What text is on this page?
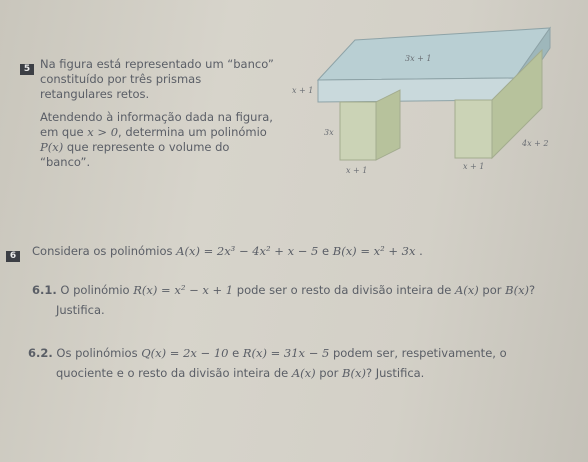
5 Na figura está representado um “banco”
constituído por três prismas
retangulares retos.
Atendendo à informação dada na figura,
em que x > 0, determina um polinómio
P(x) que represente o volume do
“banco”.
3x + 1
x + 1
3x
x + 1	x + 1
4x + 2
6	Considera os polinómios A(x) = 2x³ − 4x² + x − 5 e B(x) = x² + 3x .
6.1. O polinómio R(x) = x² − x + 1 pode ser o resto da divisão inteira de A(x) por B(x)?
Justifica.
6.2. Os polinómios Q(x) = 2x − 10 e R(x) = 31x − 5 podem ser, respetivamente, o
quociente e o resto da divisão inteira de A(x) por B(x)? Justifica.
